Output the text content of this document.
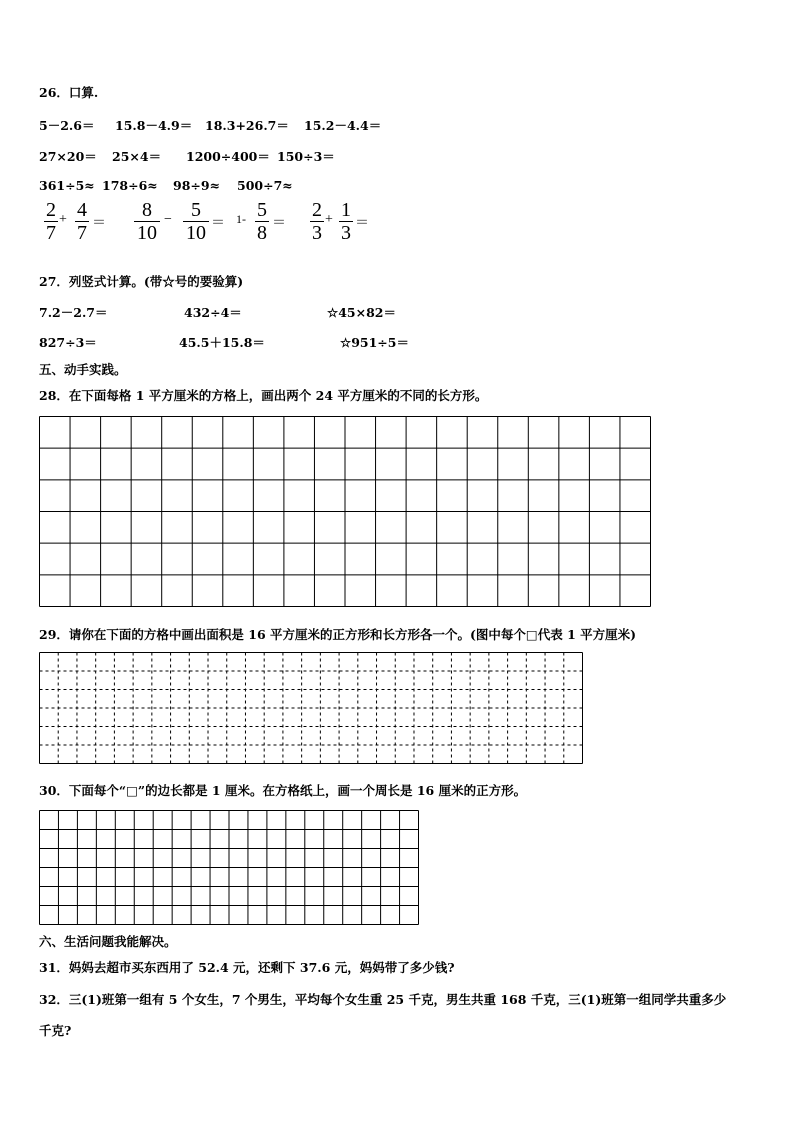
26．口算.
5－2.6＝ 15.8－4.9＝ 18.3+26.7＝ 15.2－4.4＝
27×20＝ 25×4＝ 1200÷400＝ 150÷3＝
361÷5≈ 178÷6≈ 98÷9≈ 500÷7≈
2
7
+ 4
7 ＝
8
10
− 5
10 ＝ 1- 5
8 ＝
2
3
+ 1
3 ＝
27．列竖式计算。(带☆号的要验算)
7.2－2.7＝	432÷4＝	☆45×82＝
827÷3＝	45.5＋15.8＝	☆951÷5＝
五、动手实践。
28．在下面每格 1 平方厘米的方格上，画出两个 24 平方厘米的不同的长方形。
29．请你在下面的方格中画出面积是 16 平方厘米的正方形和长方形各一个。(图中每个□代表 1 平方厘米)
30．下面每个“□”的边长都是 1 厘米。在方格纸上，画一个周长是 16 厘米的正方形。
六、生活问题我能解决。
31．妈妈去超市买东西用了 52.4 元，还剩下 37.6 元，妈妈带了多少钱?
32．三(1)班第一组有 5 个女生，7 个男生，平均每个女生重 25 千克，男生共重 168 千克，三(1)班第一组同学共重多少
千克?
